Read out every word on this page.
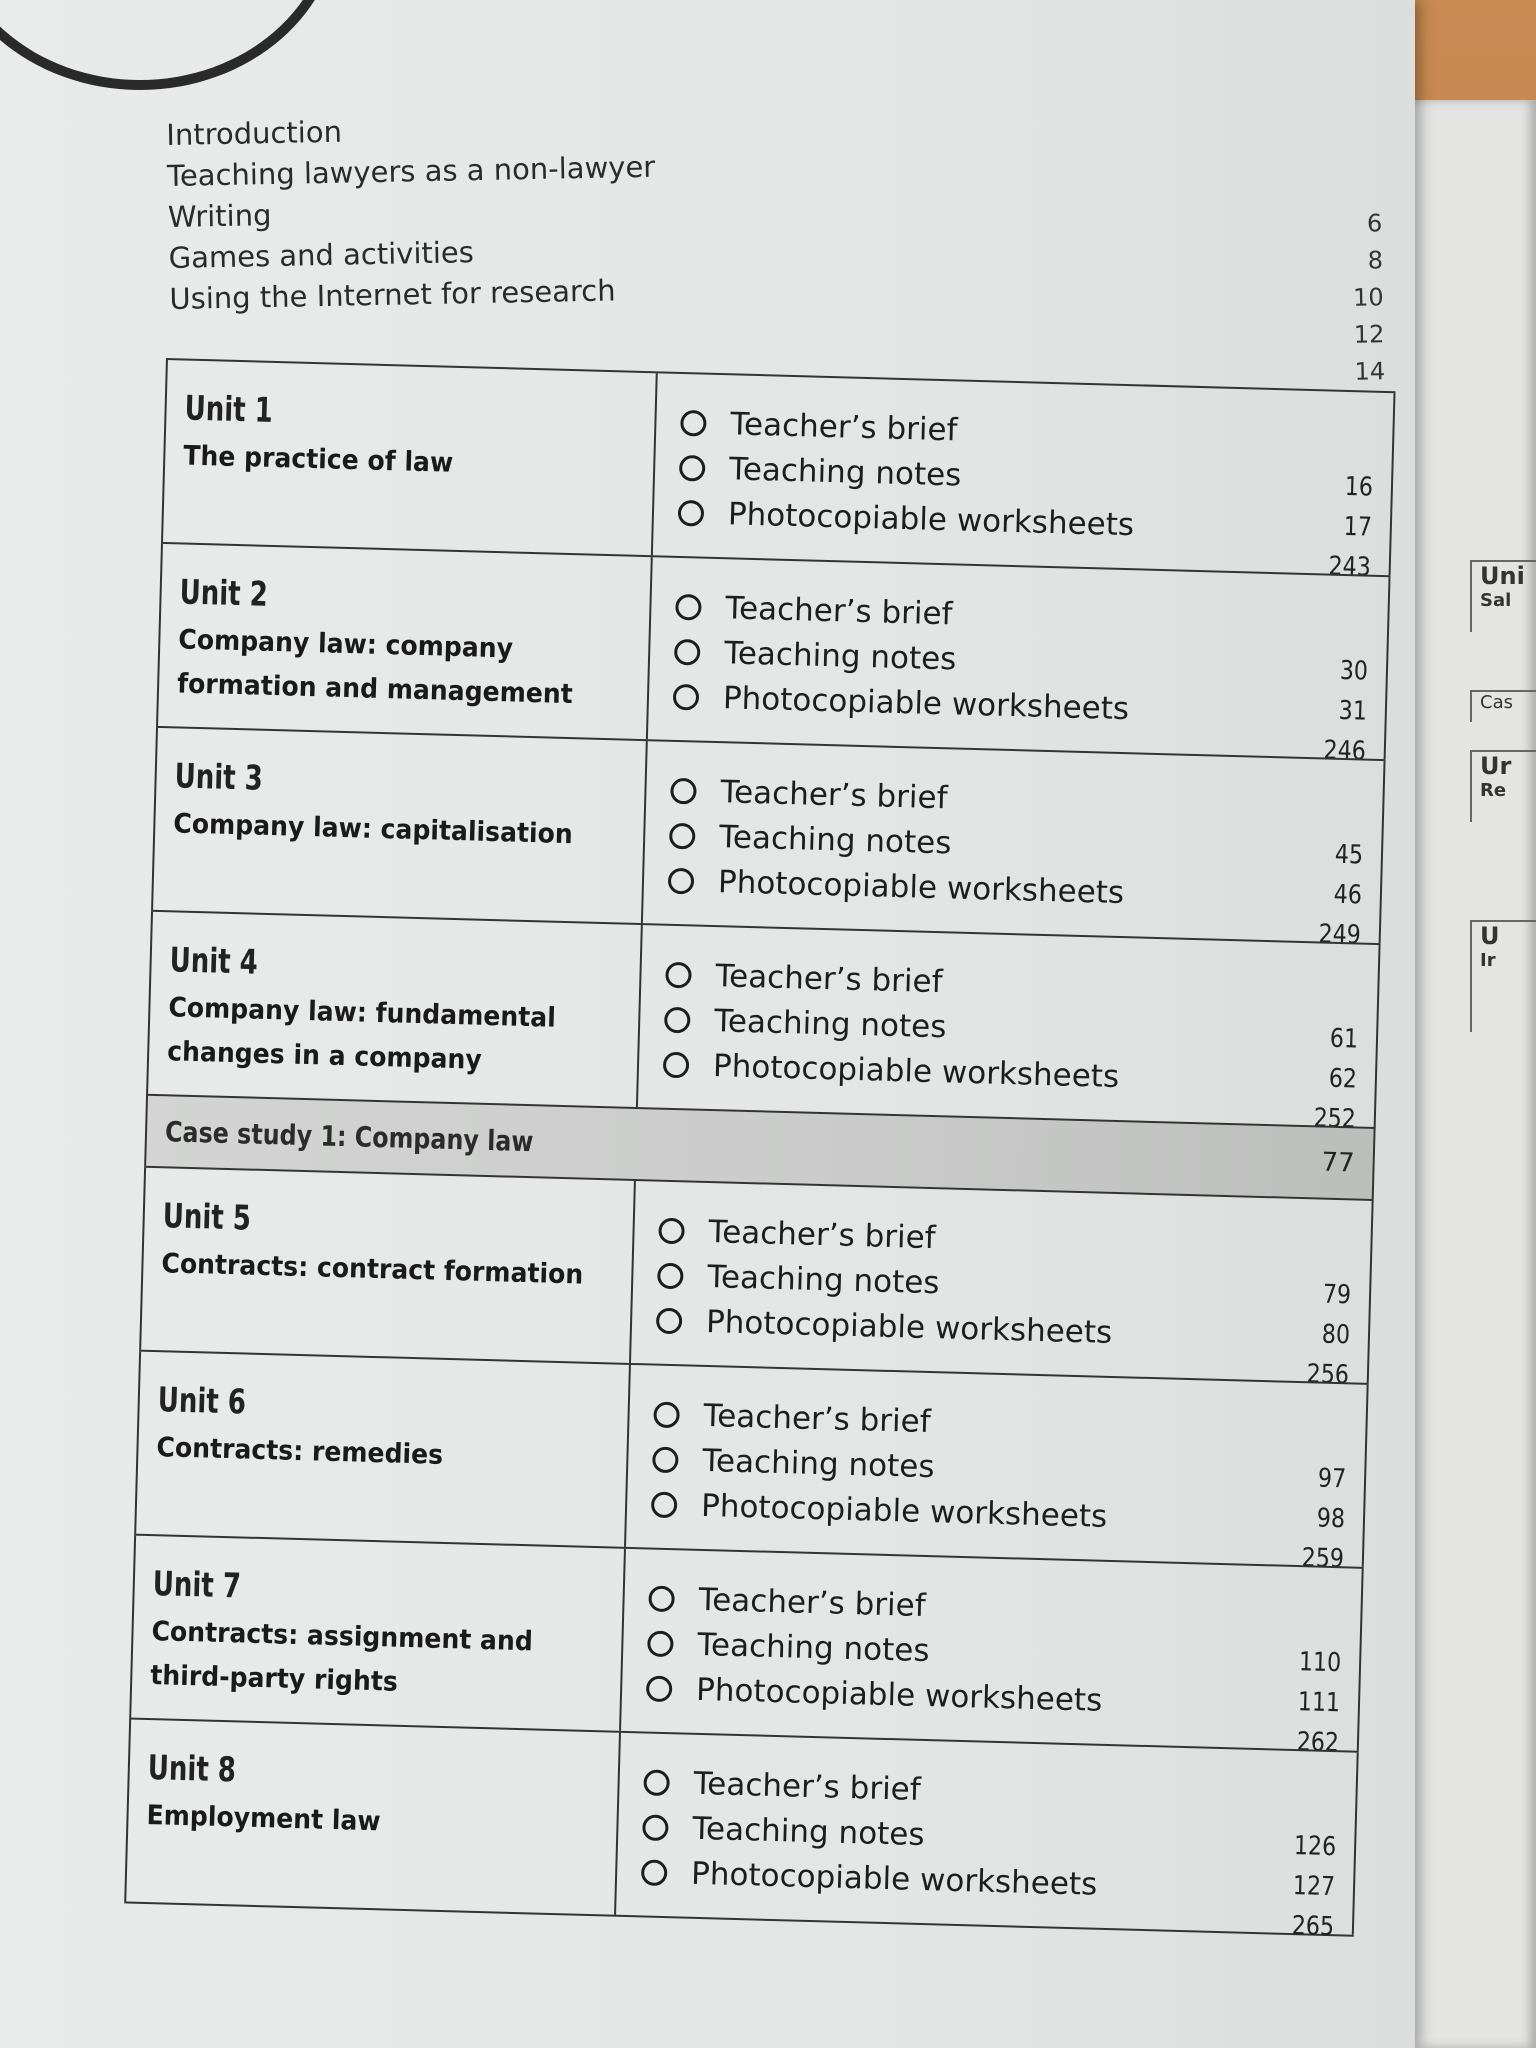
Uni
Sal
Cas
Ur
Re
U
Ir
Introduction
Teaching lawyers as a non-lawyer
Writing
Games and activities
Using the Internet for research
6
8
10
12
14
Unit 1
The practice of law
Teacher’s brief
Teaching notes
Photocopiable worksheets
16
17
243
Unit 2
Company law: company formation and management
Teacher’s brief
Teaching notes
Photocopiable worksheets
30
31
246
Unit 3
Company law: capitalisation
Teacher’s brief
Teaching notes
Photocopiable worksheets
45
46
249
Unit 4
Company law: fundamental changes in a company
Teacher’s brief
Teaching notes
Photocopiable worksheets
61
62
252
Case study 1: Company law
77
Unit 5
Contracts: contract formation
Teacher’s brief
Teaching notes
Photocopiable worksheets
79
80
256
Unit 6
Contracts: remedies
Teacher’s brief
Teaching notes
Photocopiable worksheets
97
98
259
Unit 7
Contracts: assignment and third-party rights
Teacher’s brief
Teaching notes
Photocopiable worksheets
110
111
262
Unit 8
Employment law
Teacher’s brief
Teaching notes
Photocopiable worksheets
126
127
265
